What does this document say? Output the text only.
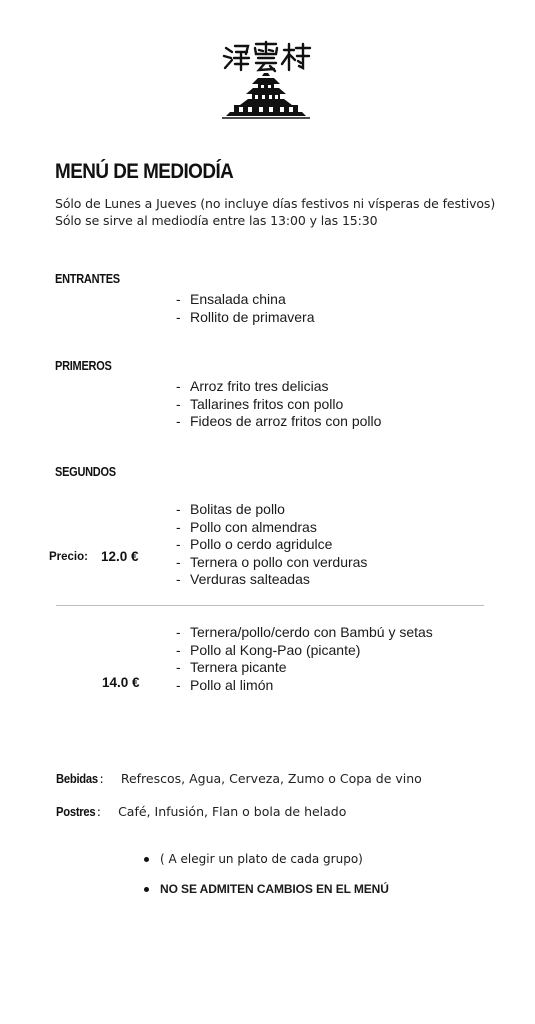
MENÚ DE MEDIODÍA
Sólo de Lunes a Jueves (no incluye días festivos ni vísperas de festivos)
Sólo se sirve al mediodía entre las 13:00 y las 15:30
ENTRANTES
- Ensalada china
- Rollito de primavera
PRIMEROS
- Arroz frito tres delicias
- Tallarines fritos con pollo
- Fideos de arroz fritos con pollo
SEGUNDOS
- Bolitas de pollo
- Pollo con almendras
- Pollo o cerdo agridulce
- Ternera o pollo con verduras
- Verduras salteadas
Precio: 12.0 €
- Ternera/pollo/cerdo con Bambú y setas
- Pollo al Kong-Pao (picante)
- Ternera picante
- Pollo al limón
14.0 €
Bebidas : Refrescos, Agua, Cerveza, Zumo o Copa de vino
Postres: Café, Infusión, Flan o bola de helado
( A elegir un plato de cada grupo)
NO SE ADMITEN CAMBIOS EN EL MENÚ
